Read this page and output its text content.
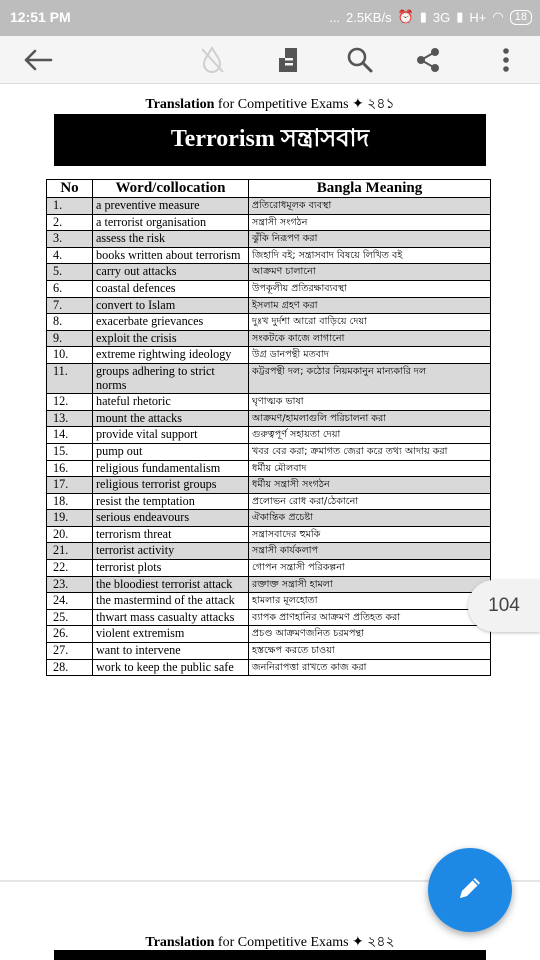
12:51 PM	... 2.5KB/s ⏰ ▮ 3G ▮ H+ ◠	18
Translation for Competitive Exams ✦ ২৪১
Terrorism সন্ত্রাসবাদ
No	Word/collocation	Bangla Meaning
1.	a preventive measure	প্রতিরোধমূলক ব্যবস্থা
2.	a terrorist organisation	সন্ত্রাসী সংগঠন
3.	assess the risk	ঝুঁকি নিরূপণ করা
4.	books written about terrorism	জিহাদি বই; সন্ত্রাসবাদ বিষয়ে লিখিত বই
5.	carry out attacks	আক্রমণ চালানো
6.	coastal defences	উপকূলীয় প্রতিরক্ষাব্যবস্থা
7.	convert to Islam	ইসলাম গ্রহণ করা
8.	exacerbate grievances	দুঃখ দুর্দশা আরো বাড়িয়ে দেয়া
9.	exploit the crisis	সংকটকে কাজে লাগানো
10.	extreme rightwing ideology	উগ্র ডানপন্থী মতবাদ
11.	groups adhering to strict norms	কট্টরপন্থী দল; কঠোর নিয়মকানুন মান্যকারি দল
12.	hateful rhetoric	ঘৃণাত্মক ভাষা
13.	mount the attacks	আক্রমণ/হামলাগুলি পরিচালনা করা
14.	provide vital support	গুরুত্বপূর্ণ সহায়তা দেয়া
15.	pump out	খবর বের করা; ক্রমাগত জেরা করে তথ্য আদায় করা
16.	religious fundamentalism	ধর্মীয় মৌলবাদ
17.	religious terrorist groups	ধর্মীয় সন্ত্রাসী সংগঠন
18.	resist the temptation	প্রলোভন রোধ করা/ঠেকানো
19.	serious endeavours	ঐকান্তিক প্রচেষ্টা
20.	terrorism threat	সন্ত্রাসবাদের হুমকি
21.	terrorist activity	সন্ত্রাসী কার্যকলাপ
22.	terrorist plots	গোপন সন্ত্রাসী পরিকল্পনা
23.	the bloodiest terrorist attack	রক্তাক্ত সন্ত্রাসী হামলা
24.	the mastermind of the attack	হামলার মূলহোতা
25.	thwart mass casualty attacks	ব্যাপক প্রাণহানির আক্রমণ প্রতিহত করা
26.	violent extremism	প্রচণ্ড আক্রমণজনিত চরমপন্থা
27.	want to intervene	হস্তক্ষেপ করতে চাওয়া
28.	work to keep the public safe	জননিরাপত্তা রাখতে কাজ করা
Translation for Competitive Exams ✦ ২৪২
104
